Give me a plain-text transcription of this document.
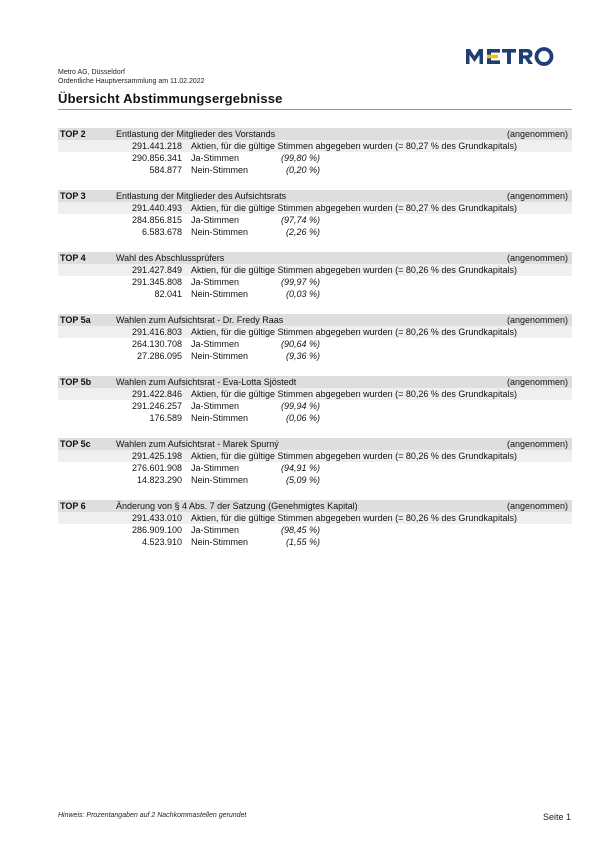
Metro AG, Düsseldorf
Ordentliche Hauptversammlung am 11.02.2022
Übersicht Abstimmungsergebnisse
TOP 2	Entlastung der Mitglieder des Vorstands	(angenommen)
291.441.218 Aktien, für die gültige Stimmen abgegeben wurden (= 80,27 % des Grundkapitals)
290.856.341 Ja-Stimmen	(99,80 %)
584.877 Nein-Stimmen	(0,20 %)
TOP 3	Entlastung der Mitglieder des Aufsichtsrats	(angenommen)
291.440.493 Aktien, für die gültige Stimmen abgegeben wurden (= 80,27 % des Grundkapitals)
284.856.815 Ja-Stimmen	(97,74 %)
6.583.678 Nein-Stimmen	(2,26 %)
TOP 4	Wahl des Abschlussprüfers	(angenommen)
291.427.849 Aktien, für die gültige Stimmen abgegeben wurden (= 80,26 % des Grundkapitals)
291.345.808 Ja-Stimmen	(99,97 %)
82.041 Nein-Stimmen	(0,03 %)
TOP 5a	Wahlen zum Aufsichtsrat - Dr. Fredy Raas	(angenommen)
291.416.803 Aktien, für die gültige Stimmen abgegeben wurden (= 80,26 % des Grundkapitals)
264.130.708 Ja-Stimmen	(90,64 %)
27.286.095 Nein-Stimmen	(9,36 %)
TOP 5b	Wahlen zum Aufsichtsrat - Eva-Lotta Sjöstedt	(angenommen)
291.422.846 Aktien, für die gültige Stimmen abgegeben wurden (= 80,26 % des Grundkapitals)
291.246.257 Ja-Stimmen	(99,94 %)
176.589 Nein-Stimmen	(0,06 %)
TOP 5c	Wahlen zum Aufsichtsrat - Marek Spurný	(angenommen)
291.425.198 Aktien, für die gültige Stimmen abgegeben wurden (= 80,26 % des Grundkapitals)
276.601.908 Ja-Stimmen	(94,91 %)
14.823.290 Nein-Stimmen	(5,09 %)
TOP 6	Änderung von § 4 Abs. 7 der Satzung (Genehmigtes Kapital)	(angenommen)
291.433.010 Aktien, für die gültige Stimmen abgegeben wurden (= 80,26 % des Grundkapitals)
286.909.100 Ja-Stimmen	(98,45 %)
4.523.910 Nein-Stimmen	(1,55 %)
Hinweis: Prozentangaben auf 2 Nachkommastellen gerundet	Seite 1
